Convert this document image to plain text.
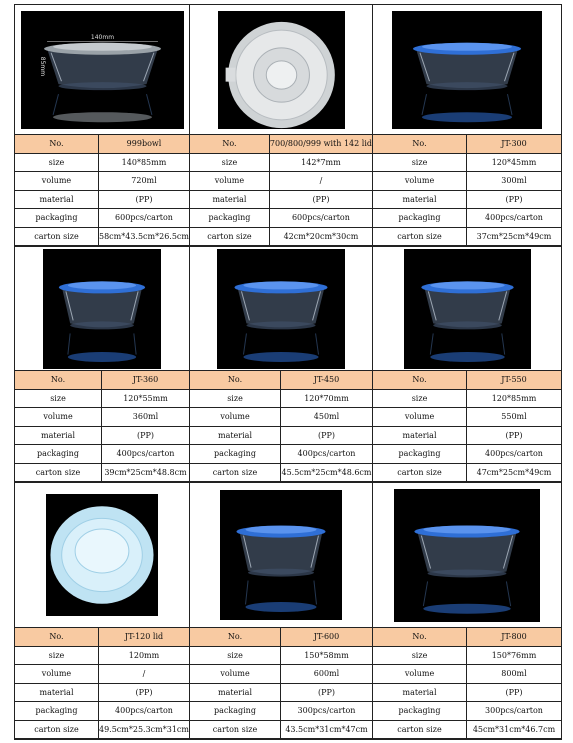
140mm
85mm
No.	999bowl
size	140*85mm
volume	720ml
material	(PP)
packaging	600pcs/carton
carton size	58cm*43.5cm*26.5cm
No.	700/800/999 with 142 lid
size	142*7mm
volume	/
material	(PP)
packaging	600pcs/carton
carton size	42cm*20cm*30cm
No.	JT-300
size	120*45mm
volume	300ml
material	(PP)
packaging	400pcs/carton
carton size	37cm*25cm*49cm
No.	JT-360
size	120*55mm
volume	360ml
material	(PP)
packaging	400pcs/carton
carton size	39cm*25cm*48.8cm
No.	JT-450
size	120*70mm
volume	450ml
material	(PP)
packaging	400pcs/carton
carton size	45.5cm*25cm*48.6cm
No.	JT-550
size	120*85mm
volume	550ml
material	(PP)
packaging	400pcs/carton
carton size	47cm*25cm*49cm
No.	JT-120 lid
size	120mm
volume	/
material	(PP)
packaging	400pcs/carton
carton size	49.5cm*25.3cm*31cm
No.	JT-600
size	150*58mm
volume	600ml
material	(PP)
packaging	300pcs/carton
carton size	43.5cm*31cm*47cm
No.	JT-800
size	150*76mm
volume	800ml
material	(PP)
packaging	300pcs/carton
carton size	45cm*31cm*46.7cm
